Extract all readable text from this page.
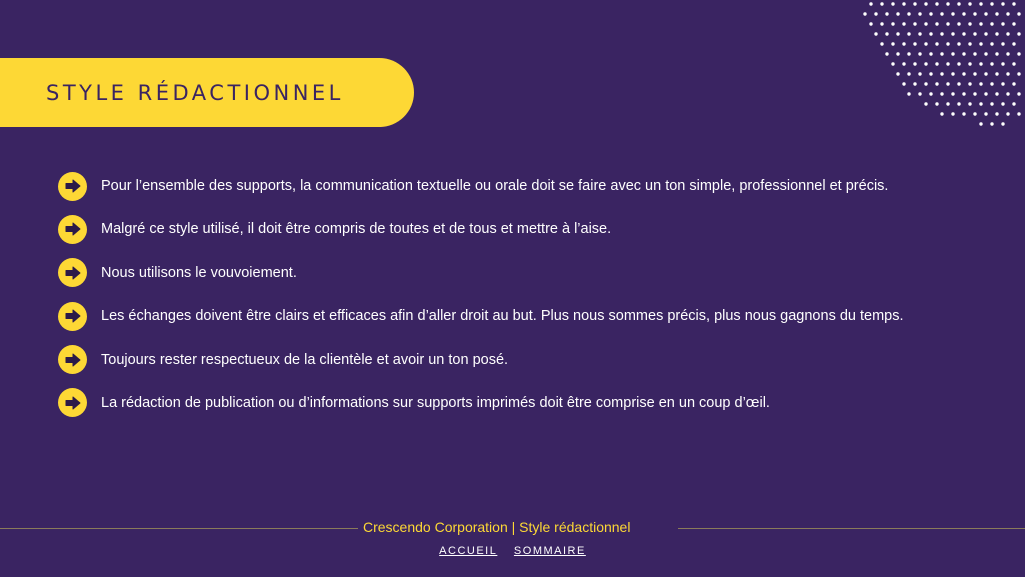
STYLE RÉDACTIONNEL
Pour l’ensemble des supports, la communication textuelle ou orale doit se faire avec un ton simple, professionnel et précis.
Malgré ce style utilisé, il doit être compris de toutes et de tous et mettre à l’aise.
Nous utilisons le vouvoiement.
Les échanges doivent être clairs et efficaces afin d’aller droit au but. Plus nous sommes précis, plus nous gagnons du temps.
Toujours rester respectueux de la clientèle et avoir un ton posé.
La rédaction de publication ou d’informations sur supports imprimés doit être comprise en un coup d’œil.
Crescendo Corporation | Style rédactionnel
ACCUEIL SOMMAIRE
